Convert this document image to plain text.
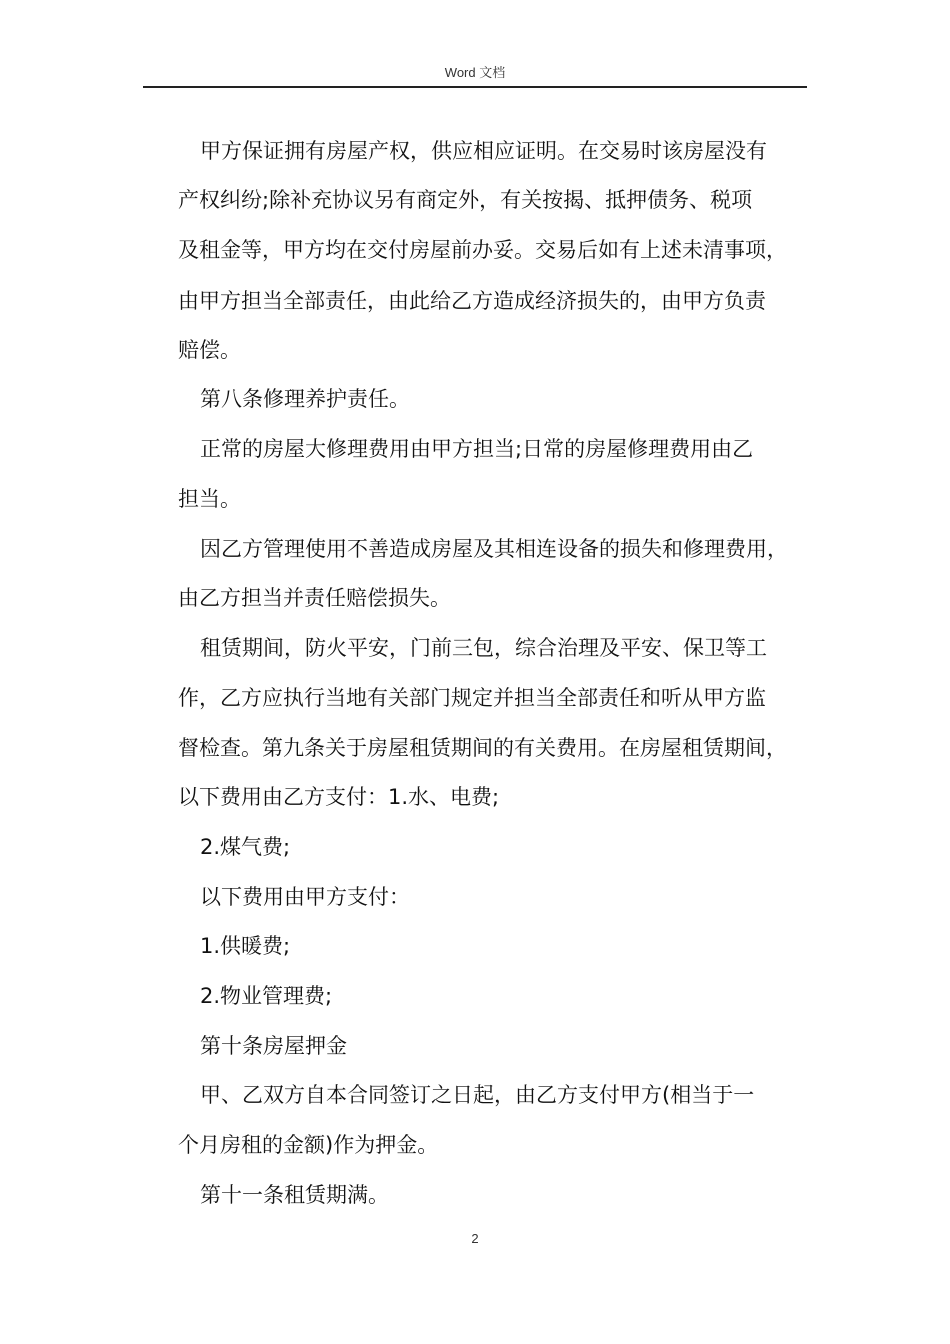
Word 文档

甲方保证拥有房屋产权，供应相应证明。在交易时该房屋没有

产权纠纷;除补充协议另有商定外，有关按揭、抵押债务、税项

及租金等，甲方均在交付房屋前办妥。交易后如有上述未清事项，

由甲方担当全部责任，由此给乙方造成经济损失的，由甲方负责

赔偿。

第八条修理养护责任。

正常的房屋大修理费用由甲方担当;日常的房屋修理费用由乙

担当。

因乙方管理使用不善造成房屋及其相连设备的损失和修理费用，

由乙方担当并责任赔偿损失。

租赁期间，防火平安，门前三包，综合治理及平安、保卫等工

作，乙方应执行当地有关部门规定并担当全部责任和听从甲方监

督检查。第九条关于房屋租赁期间的有关费用。在房屋租赁期间，

以下费用由乙方支付：1.水、电费;

2.煤气费;

以下费用由甲方支付：

1.供暖费;

2.物业管理费;

第十条房屋押金

甲、乙双方自本合同签订之日起，由乙方支付甲方(相当于一

个月房租的金额)作为押金。

第十一条租赁期满。

2
